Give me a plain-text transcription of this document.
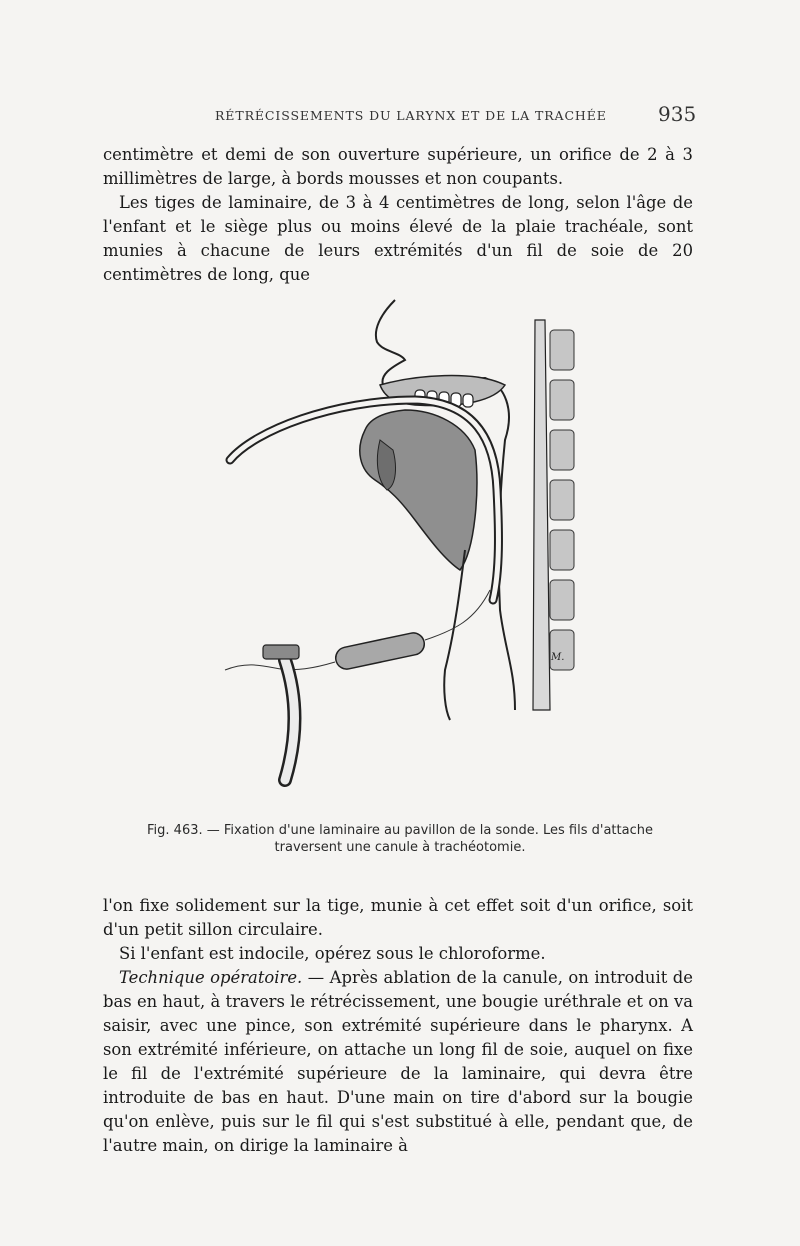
RÉTRÉCISSEMENTS DU LARYNX ET DE LA TRACHÉE	935

centimètre et demi de son ouverture supérieure, un orifice de 2 à 3 millimètres de large, à bords mousses et non coupants.

Les tiges de laminaire, de 3 à 4 centimètres de long, selon l'âge de l'enfant et le siège plus ou moins élevé de la plaie trachéale, sont munies à chacune de leurs extrémités d'un fil de soie de 20 centimètres de long, que

M.
Fig. 463. — Fixation d'une laminaire au pavillon de la sonde. Les fils d'attache
traversent une canule à trachéotomie.

l'on fixe solidement sur la tige, munie à cet effet soit d'un orifice, soit d'un petit sillon circulaire.

Si l'enfant est indocile, opérez sous le chloroforme.

Technique opératoire. — Après ablation de la canule, on introduit de bas en haut, à travers le rétrécissement, une bougie uréthrale et on va saisir, avec une pince, son extrémité supérieure dans le pharynx. A son extrémité inférieure, on attache un long fil de soie, auquel on fixe le fil de l'extrémité supérieure de la laminaire, qui devra être introduite de bas en haut. D'une main on tire d'abord sur la bougie qu'on enlève, puis sur le fil qui s'est substitué à elle, pendant que, de l'autre main, on dirige la laminaire à
